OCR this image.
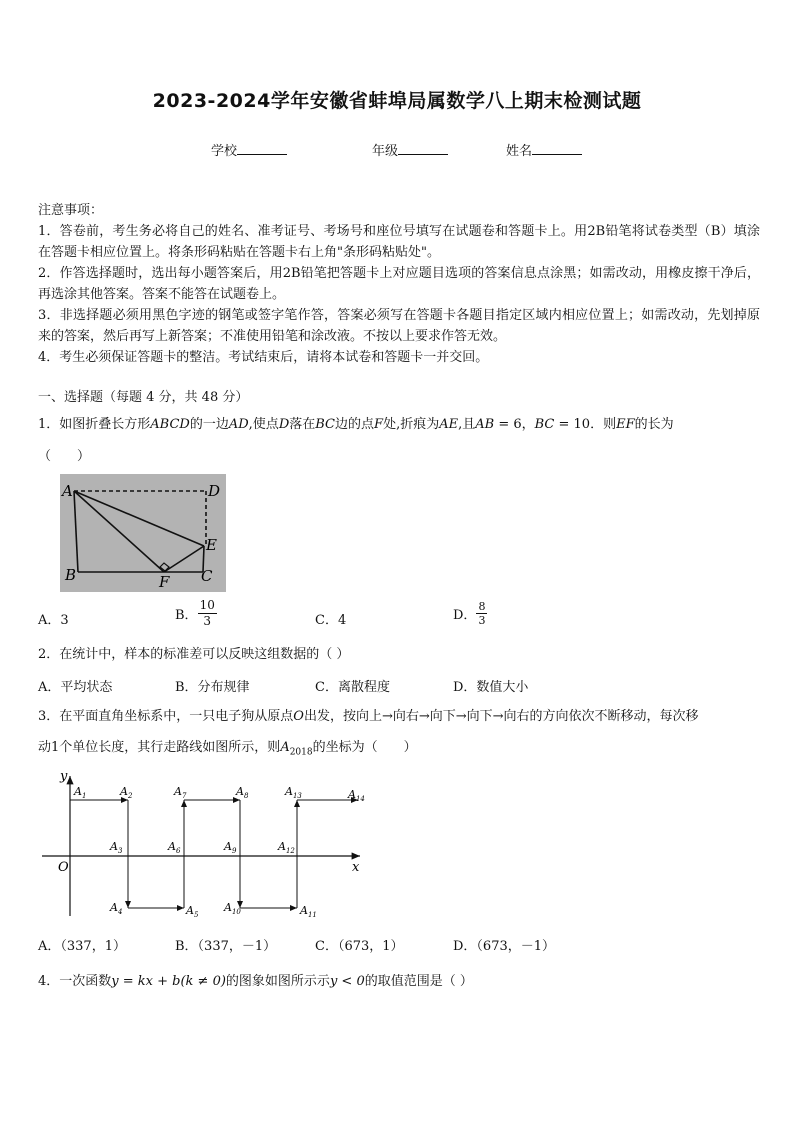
2023-2024学年安徽省蚌埠局属数学八上期末检测试题
学校	年级	姓名

注意事项：

1．答卷前，考生务必将自己的姓名、准考证号、考场号和座位号填写在试题卷和答题卡上。用2B铅笔将试卷类型（B）填涂在答题卡相应位置上。将条形码粘贴在答题卡右上角"条形码粘贴处"。

2．作答选择题时，选出每小题答案后，用2B铅笔把答题卡上对应题目选项的答案信息点涂黑；如需改动，用橡皮擦干净后，再选涂其他答案。答案不能答在试题卷上。

3．非选择题必须用黑色字迹的钢笔或签字笔作答，答案必须写在答题卡各题目指定区域内相应位置上；如需改动，先划掉原来的答案，然后再写上新答案；不准使用铅笔和涂改液。不按以上要求作答无效。

4．考生必须保证答题卡的整洁。考试结束后，请将本试卷和答题卡一并交回。

一、选择题（每题 4 分，共 48 分）
1．如图折叠长方形ABCD的一边AD,使点D落在BC边的点F处,折痕为AE,且AB = 6，BC = 10．则EF的长为
（　　）
A	D
E
B	C
F
A．3	B． $\frac{10}{3}$	C．4	D． $\frac{8}{3}$
2．在统计中，样本的标准差可以反映这组数据的（ ）
A．平均状态	B．分布规律	C．离散程度	D．数值大小
3．在平面直角坐标系中，一只电子狗从原点O出发，按向上→向右→向下→向下→向右的方向依次不断移动，每次移
动1个单位长度，其行走路线如图所示，则$A_{2018}$的坐标为（　　）
y
x
O
$A_1$	$A_2$
$A_3$
$A_4$	$A_5$
$A_6$
$A_7$	$A_8$
$A_9$
$A_{10}$	$A_{11}$
$A_{12}$
$A_{13}$	$A_{14}$
A．（337，1）	B．（337，－1）	C．（673，1）	D．（673，－1）
4．一次函数y = kx + b(k ≠ 0)的图象如图所示示y < 0的取值范围是（ ）
